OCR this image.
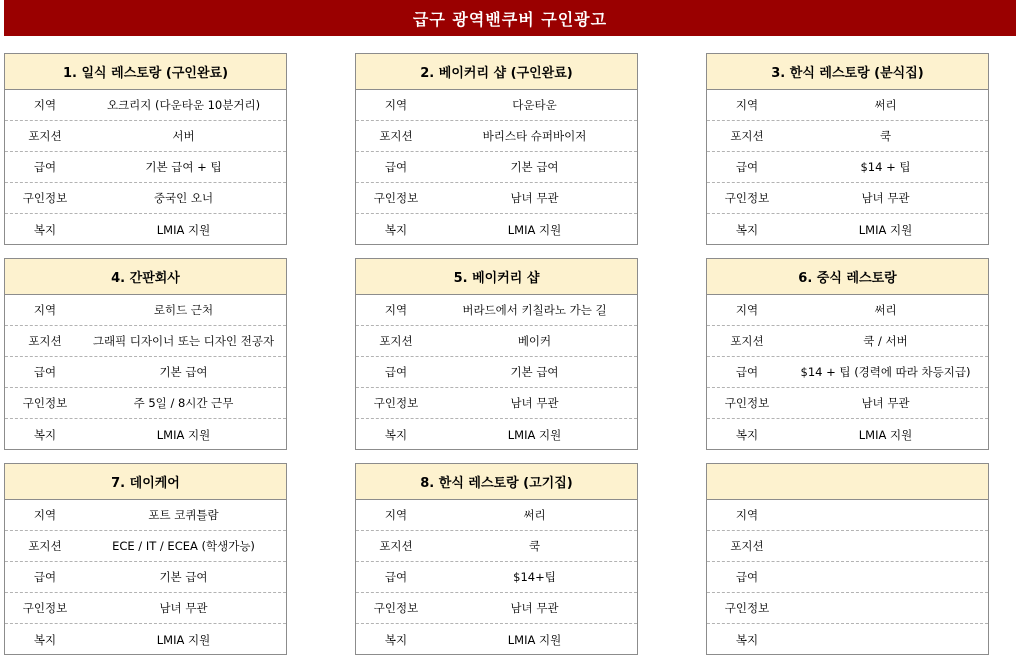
급구 광역밴쿠버 구인광고
1. 일식 레스토랑 (구인완료)
지역	오크리지 (다운타운 10분거리)
포지션	서버
급여	기본 급여 + 팁
구인정보	중국인 오너
복지	LMIA 지원
2. 베이커리 샵 (구인완료)
지역	다운타운
포지션	바리스타 슈퍼바이저
급여	기본 급여
구인정보	남녀 무관
복지	LMIA 지원
3. 한식 레스토랑 (분식집)
지역	써리
포지션	쿡
급여	$14 + 팁
구인정보	남녀 무관
복지	LMIA 지원
4. 간판회사
지역	로히드 근처
포지션	그래픽 디자이너 또는 디자인 전공자
급여	기본 급여
구인정보	주 5일 / 8시간 근무
복지	LMIA 지원
5. 베이커리 샵
지역	버라드에서 키칠라노 가는 길
포지션	베이커
급여	기본 급여
구인정보	남녀 무관
복지	LMIA 지원
6. 중식 레스토랑
지역	써리
포지션	쿡 / 서버
급여	$14 + 팁 (경력에 따라 차등지급)
구인정보	남녀 무관
복지	LMIA 지원
7. 데이케어
지역	포트 코퀴틀람
포지션	ECE / IT / ECEA (학생가능)
급여	기본 급여
구인정보	남녀 무관
복지	LMIA 지원
8. 한식 레스토랑 (고기집)
지역	써리
포지션	쿡
급여	$14+팁
구인정보	남녀 무관
복지	LMIA 지원
지역
포지션
급여
구인정보
복지
